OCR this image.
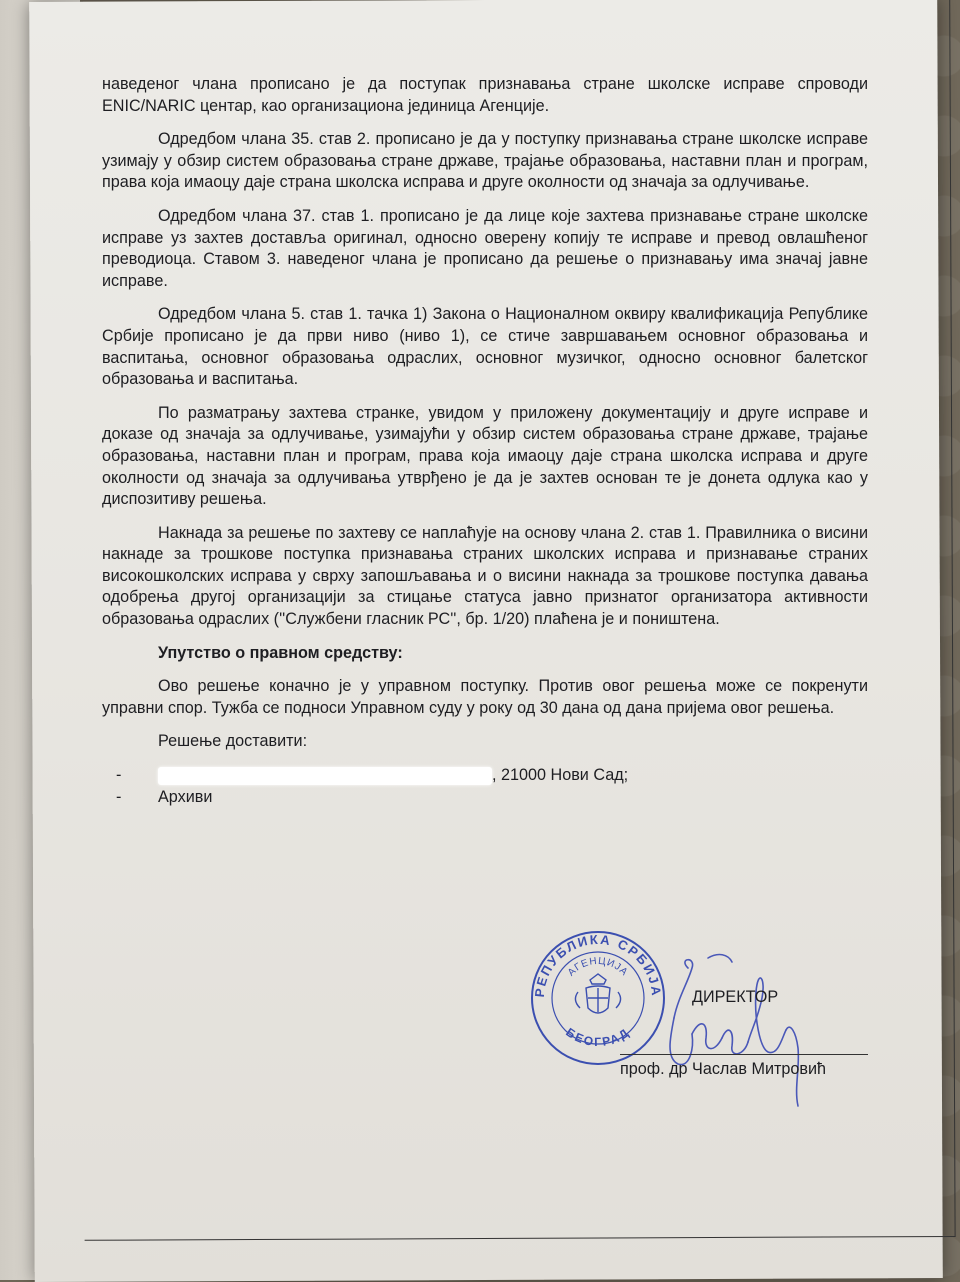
наведеног члана прописано је да поступак признавања стране школске исправе спроводи ENIC/NARIC центар, као организациона јединица Агенције.

Одредбом члана 35. став 2. прописано је да у поступку признавања стране школске исправе узимају у обзир систем образовања стране државе, трајање образовања, наставни план и програм, права која имаоцу даје страна школска исправа и друге околности од значаја за одлучивање.

Одредбом члана 37. став 1. прописано је да лице које захтева признавање стране школске исправе уз захтев доставља оригинал, односно оверену копију те исправе и превод овлашћеног преводиоца. Ставом 3. наведеног члана је прописано да решење о признавању има значај јавне исправе.

Одредбом члана 5. став 1. тачка 1) Закона о Националном оквиру квалификација Републике Србије прописано је да први ниво (ниво 1), се стиче завршавањем основног образовања и васпитања, основног образовања одраслих, основног музичког, односно основног балетског образовања и васпитања.

По разматрању захтева странке, увидом у приложену документацију и друге исправе и доказе од значаја за одлучивање, узимајући у обзир систем образовања стране државе, трајање образовања, наставни план и програм, права која имаоцу даје страна школска исправа и друге околности од значаја за одлучивања утврђено је да је захтев основан те је донета одлука као у диспозитиву решења.

Накнада за решење по захтеву се наплаћује на основу члана 2. став 1. Правилника о висини накнаде за трошкове поступка признавања страних школских исправа и признавање страних високошколских исправа у сврху запошљавања и о висини накнада за трошкове поступка давања одобрења другој организацији за стицање статуса јавно признатог организатора активности образовања одраслих (''Службени гласник РС'', бр. 1/20) плаћена је и поништена.

Упутство о правном средству:

Ово решење коначно је у управном поступку. Против овог решења може се покренути управни спор. Тужба се подноси Управном суду у року од 30 дана од дана пријема овог решења.

Решење доставити:

-	, 21000 Нови Сад;
-	Архиви
РЕПУБЛИКА СРБИЈА
АГЕНЦИЈА
БЕОГРАД
ДИРЕКТОР
проф. др Часлав Митровић
